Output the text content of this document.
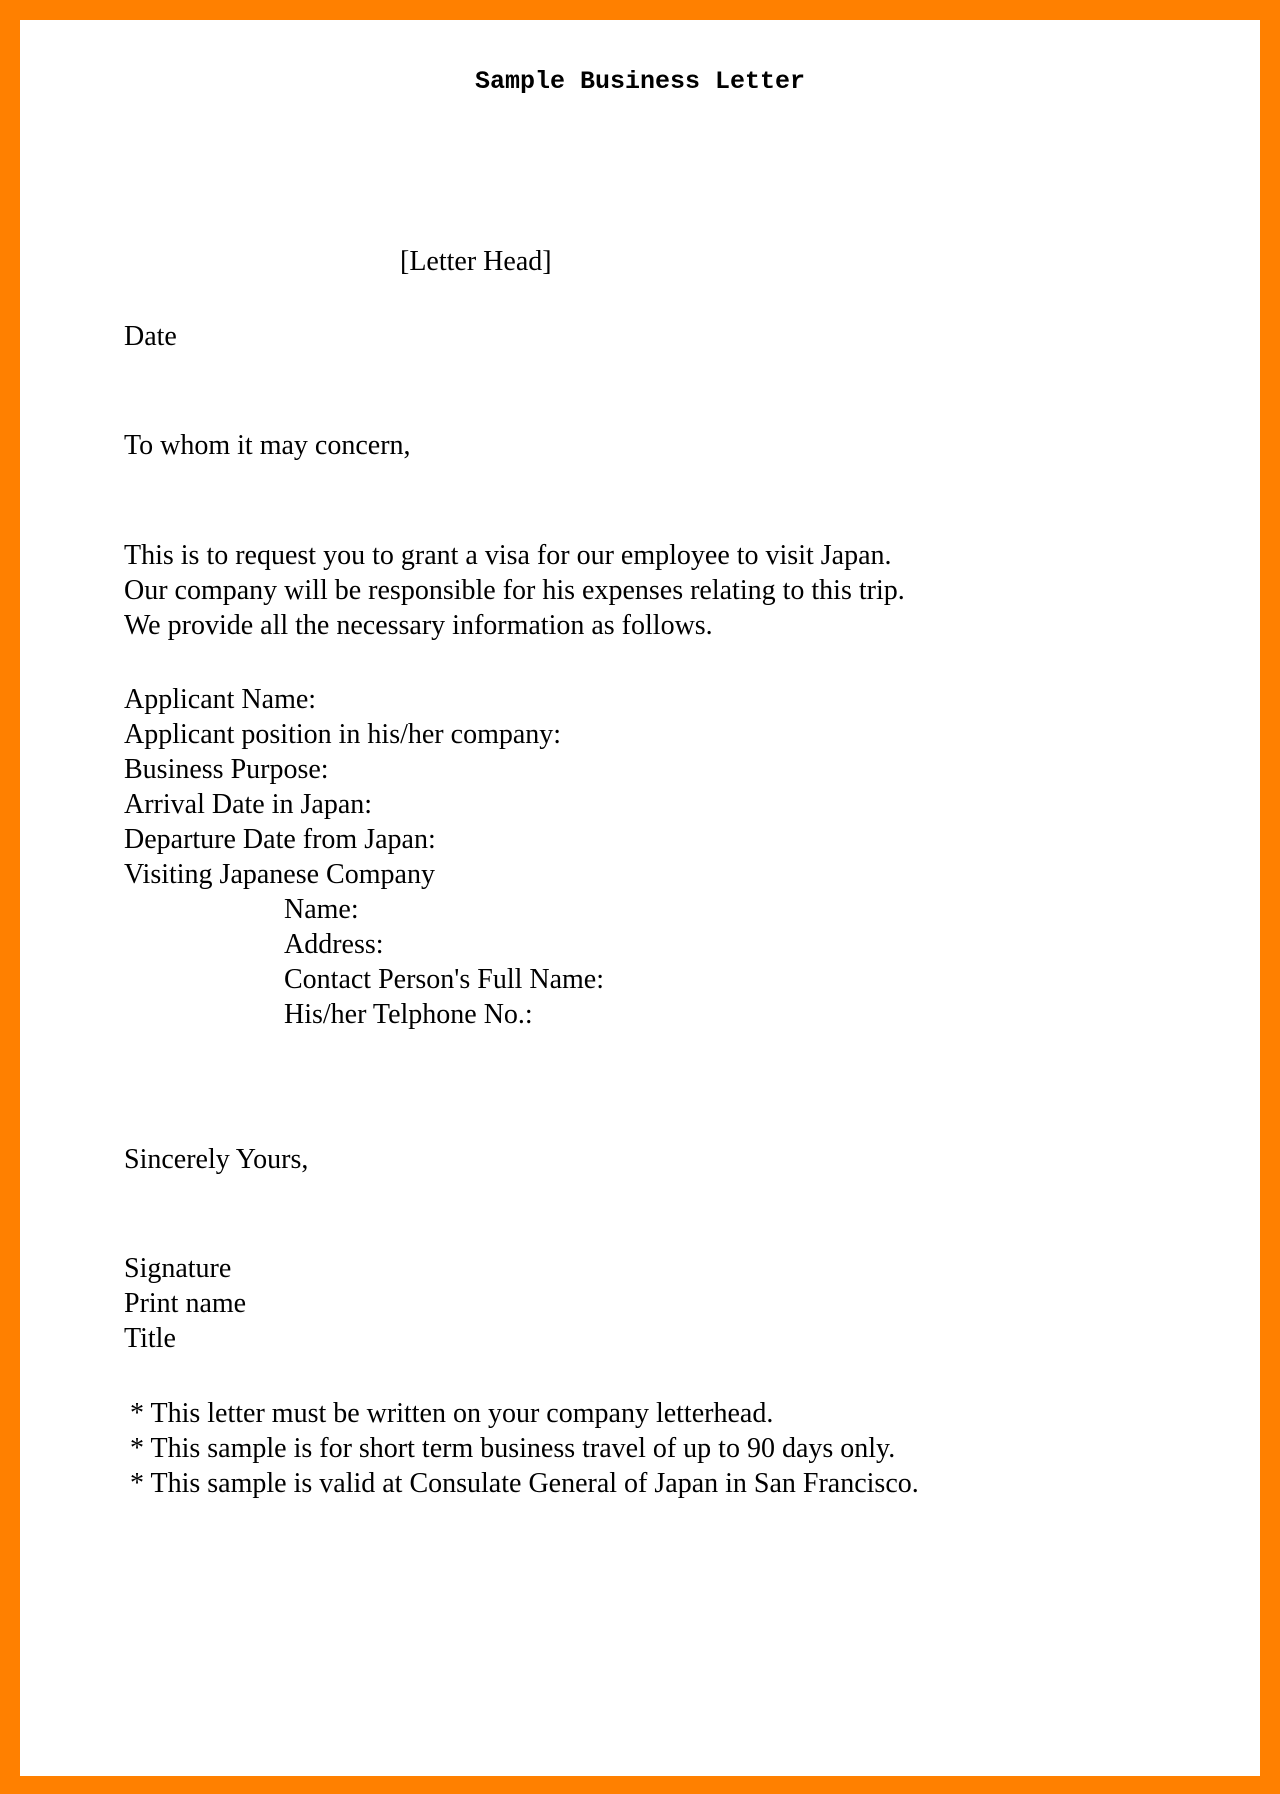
Sample Business Letter
[Letter Head]
Date
To whom it may concern,
This is to request you to grant a visa for our employee to visit Japan.
Our company will be responsible for his expenses relating to this trip.
We provide all the necessary information as follows.
Applicant Name:
Applicant position in his/her company:
Business Purpose:
Arrival Date in Japan:
Departure Date from Japan:
Visiting Japanese Company
Name:
Address:
Contact Person's Full Name:
His/her Telphone No.:
Sincerely Yours,
Signature
Print name
Title
* This letter must be written on your company letterhead.
* This sample is for short term business travel of up to 90 days only.
* This sample is valid at Consulate General of Japan in San Francisco.
